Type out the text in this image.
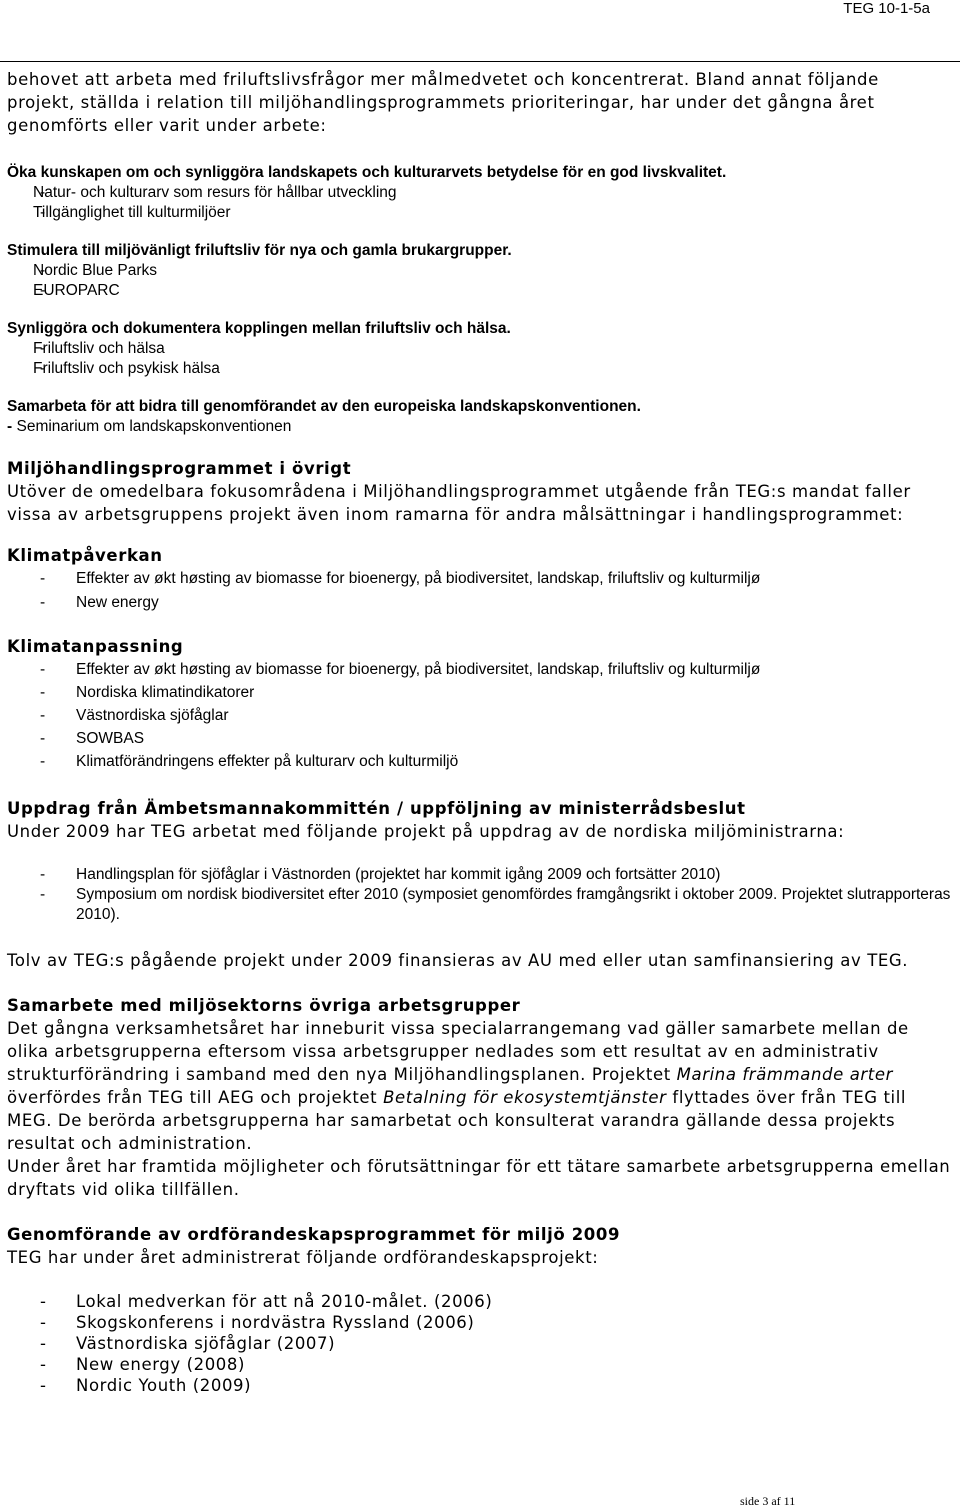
TEG 10-1-5a

behovet att arbeta med friluftslivsfrågor mer målmedvetet och koncentrerat. Bland annat följande projekt, ställda i relation till miljöhandlingsprogrammets prioriteringar, har under det gångna året genomförts eller varit under arbete:

Öka kunskapen om och synliggöra landskapets och kulturarvets betydelse för en god livskvalitet.

- Natur- och kulturarv som resurs för hållbar utveckling
- Tillgänglighet till kulturmiljöer

Stimulera till miljövänligt friluftsliv för nya och gamla brukargrupper.

- Nordic Blue Parks
- EUROPARC

Synliggöra och dokumentera kopplingen mellan friluftsliv och hälsa.

- Friluftsliv och hälsa
- Friluftsliv och psykisk hälsa

Samarbeta för att bidra till genomförandet av den europeiska landskapskonventionen.

- Seminarium om landskapskonventionen

Miljöhandlingsprogrammet i övrigt

Utöver de omedelbara fokusområdena i Miljöhandlingsprogrammet utgående från TEG:s mandat faller vissa av arbetsgruppens projekt även inom ramarna för andra målsättningar i handlingsprogrammet:

Klimatpåverkan

- Effekter av økt høsting av biomasse for bioenergy, på biodiversitet, landskap, friluftsliv og kulturmiljø
- New energy

Klimatanpassning

- Effekter av økt høsting av biomasse for bioenergy, på biodiversitet, landskap, friluftsliv og kulturmiljø
- Nordiska klimatindikatorer
- Västnordiska sjöfåglar
- SOWBAS
- Klimatförändringens effekter på kulturarv och kulturmiljö

Uppdrag från Ämbetsmannakommittén / uppföljning av ministerrådsbeslut

Under 2009 har TEG arbetat med följande projekt på uppdrag av de nordiska miljöministrarna:

- Handlingsplan för sjöfåglar i Västnorden (projektet har kommit igång 2009 och fortsätter 2010)
- Symposium om nordisk biodiversitet efter 2010 (symposiet genomfördes framgångsrikt i oktober 2009. Projektet slutrapporteras 2010).

Tolv av TEG:s pågående projekt under 2009 finansieras av AU med eller utan samfinansiering av TEG.

Samarbete med miljösektorns övriga arbetsgrupper

Det gångna verksamhetsåret har inneburit vissa specialarrangemang vad gäller samarbete mellan de olika arbetsgrupperna eftersom vissa arbetsgrupper nedlades som ett resultat av en administrativ strukturförändring i samband med den nya Miljöhandlingsplanen. Projektet Marina främmande arter överfördes från TEG till AEG och projektet Betalning för ekosystemtjänster flyttades över från TEG till MEG. De berörda arbetsgrupperna har samarbetat och konsulterat varandra gällande dessa projekts resultat och administration.

Under året har framtida möjligheter och förutsättningar för ett tätare samarbete arbetsgrupperna emellan dryftats vid olika tillfällen.

Genomförande av ordförandeskapsprogrammet för miljö 2009

TEG har under året administrerat följande ordförandeskapsprojekt:

- Lokal medverkan för att nå 2010-målet. (2006)
- Skogskonferens i nordvästra Ryssland (2006)
- Västnordiska sjöfåglar (2007)
- New energy (2008)
- Nordic Youth (2009)
side 3 af 11
